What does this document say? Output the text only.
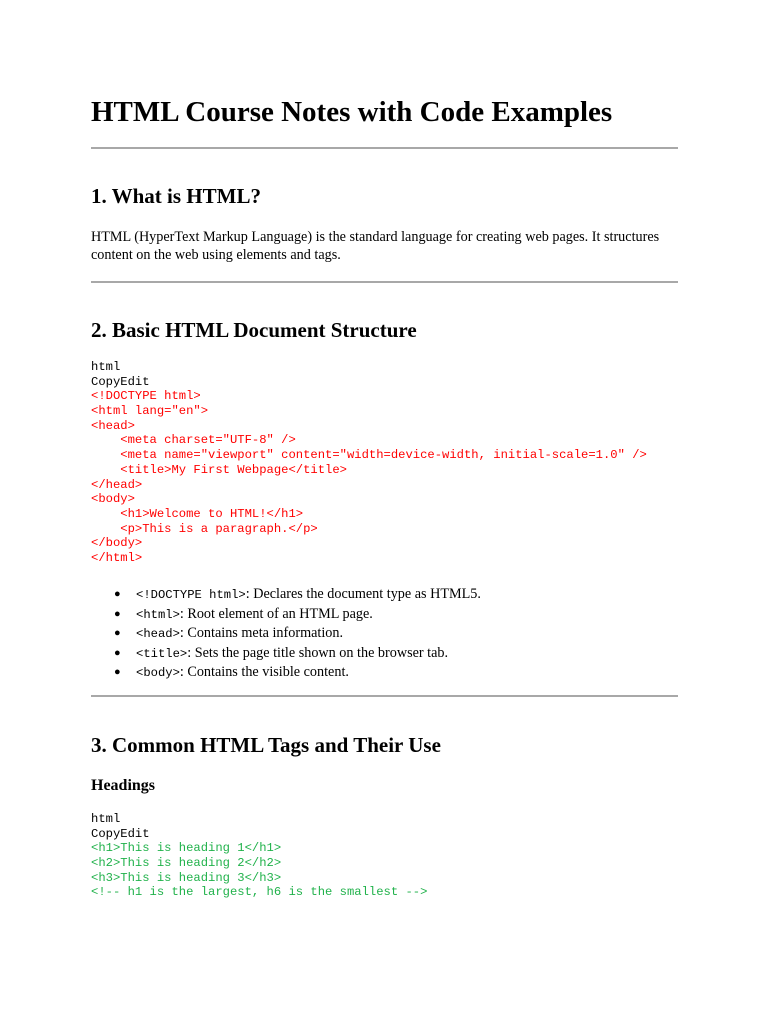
HTML Course Notes with Code Examples
1. What is HTML?

HTML (HyperText Markup Language) is the standard language for creating web pages. It structures content on the web using elements and tags.

2. Basic HTML Document Structure
html
CopyEdit
<!DOCTYPE html>
<html lang="en">
<head>
<meta charset="UTF-8" />
<meta name="viewport" content="width=device-width, initial-scale=1.0" />
<title>My First Webpage</title>
</head>
<body>
<h1>Welcome to HTML!</h1>
<p>This is a paragraph.</p>
</body>
</html>
● <!DOCTYPE html>: Declares the document type as HTML5.
● <html>: Root element of an HTML page.
● <head>: Contains meta information.
● <title>: Sets the page title shown on the browser tab.
● <body>: Contains the visible content.
3. Common HTML Tags and Their Use
Headings
html
CopyEdit
<h1>This is heading 1</h1>
<h2>This is heading 2</h2>
<h3>This is heading 3</h3>
<!-- h1 is the largest, h6 is the smallest -->
